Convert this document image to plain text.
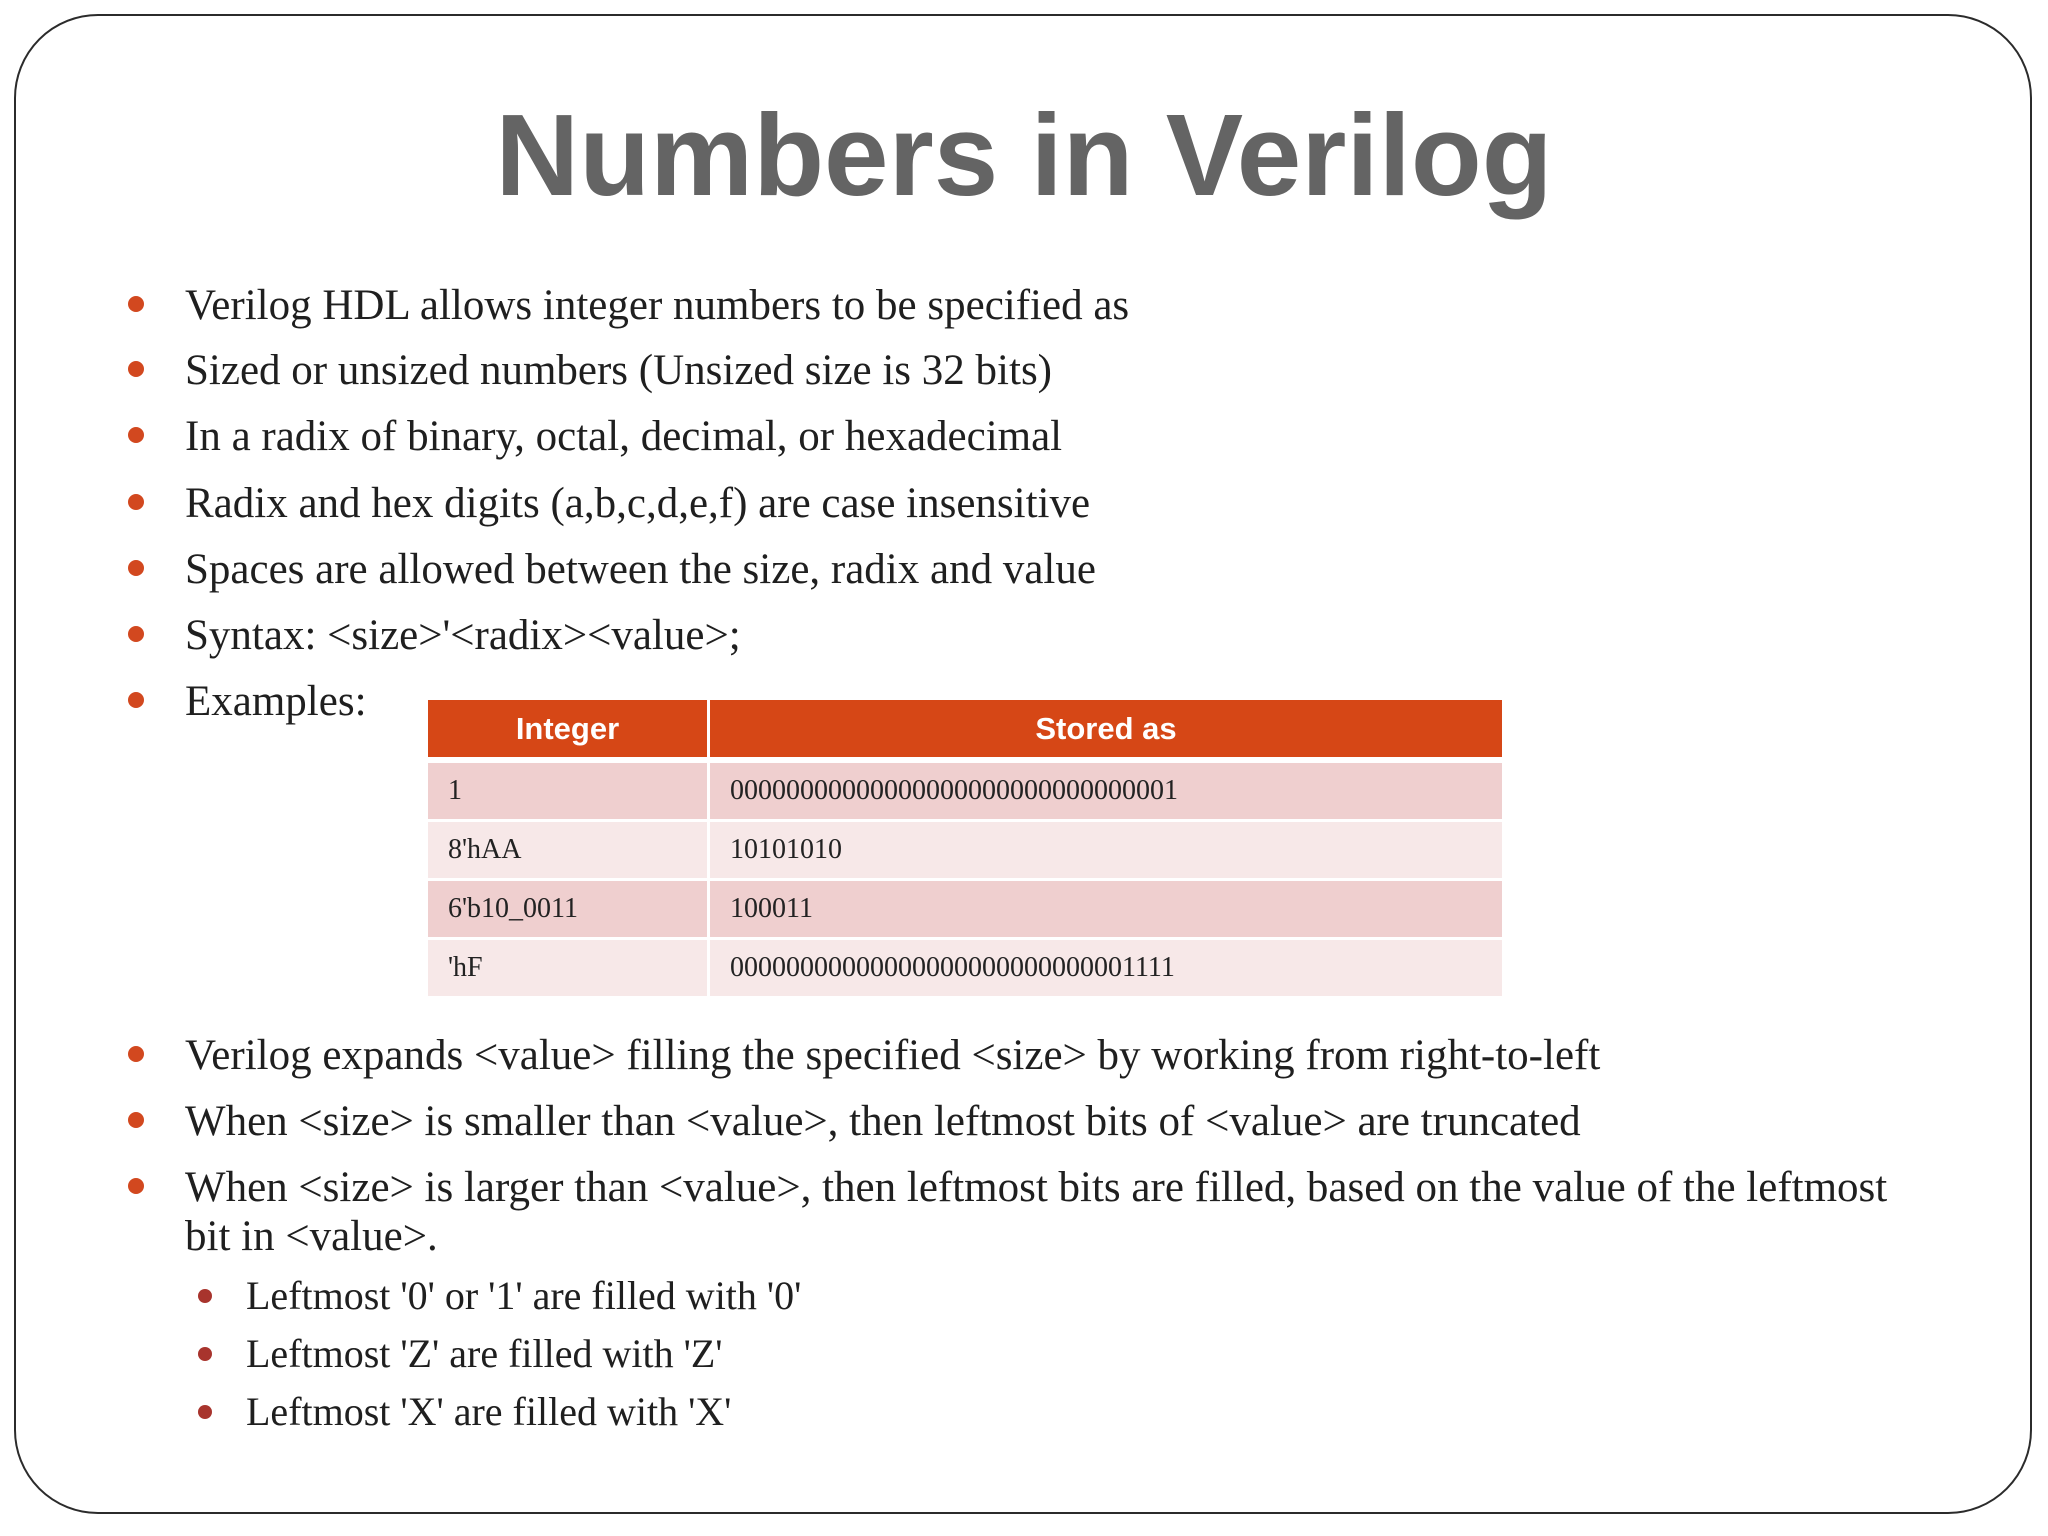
Numbers in Verilog
Verilog HDL allows integer numbers to be specified as
Sized or unsized numbers (Unsized size is 32 bits)
In a radix of binary, octal, decimal, or hexadecimal
Radix and hex digits (a,b,c,d,e,f) are case insensitive
Spaces are allowed between the size, radix and value
Syntax: <size>'<radix><value>;
Examples:
Verilog expands <value> filling the specified <size> by working from right-to-left
When <size> is smaller than <value>, then leftmost bits of <value> are truncated
When <size> is larger than <value>, then leftmost bits are filled, based on the value of the leftmost bit in <value>.
Leftmost '0' or '1' are filled with '0'
Leftmost 'Z' are filled with 'Z'
Leftmost 'X' are filled with 'X'
Integer	Stored as
1	00000000000000000000000000000001
8'hAA	10101010
6'b10_0011	100011
'hF	00000000000000000000000000001111
